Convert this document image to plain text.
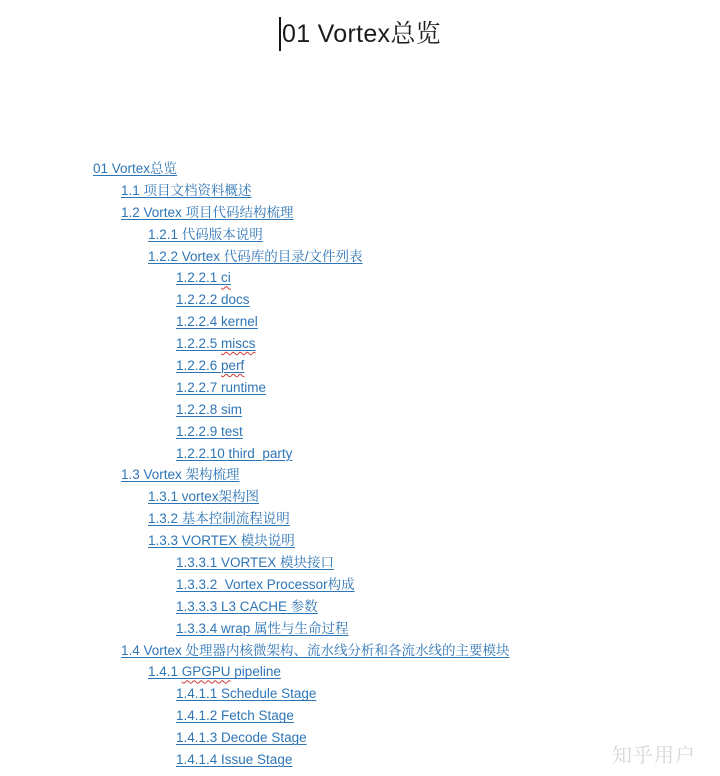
01 Vortex总览
01 Vortex总览
1.1 项目文档资料概述
1.2 Vortex 项目代码结构梳理
1.2.1 代码版本说明
1.2.2 Vortex 代码库的目录/文件列表
1.2.2.1 ci
1.2.2.2 docs
1.2.2.4 kernel
1.2.2.5 miscs
1.2.2.6 perf
1.2.2.7 runtime
1.2.2.8 sim
1.2.2.9 test
1.2.2.10 third_party
1.3 Vortex 架构梳理
1.3.1 vortex架构图
1.3.2 基本控制流程说明
1.3.3 VORTEX 模块说明
1.3.3.1 VORTEX 模块接口
1.3.3.2  Vortex Processor构成
1.3.3.3 L3 CACHE 参数
1.3.3.4 wrap 属性与生命过程
1.4 Vortex 处理器内核微架构、流水线分析和各流水线的主要模块
1.4.1 GPGPU pipeline
1.4.1.1 Schedule Stage
1.4.1.2 Fetch Stage
1.4.1.3 Decode Stage
1.4.1.4 Issue Stage	知乎用户
